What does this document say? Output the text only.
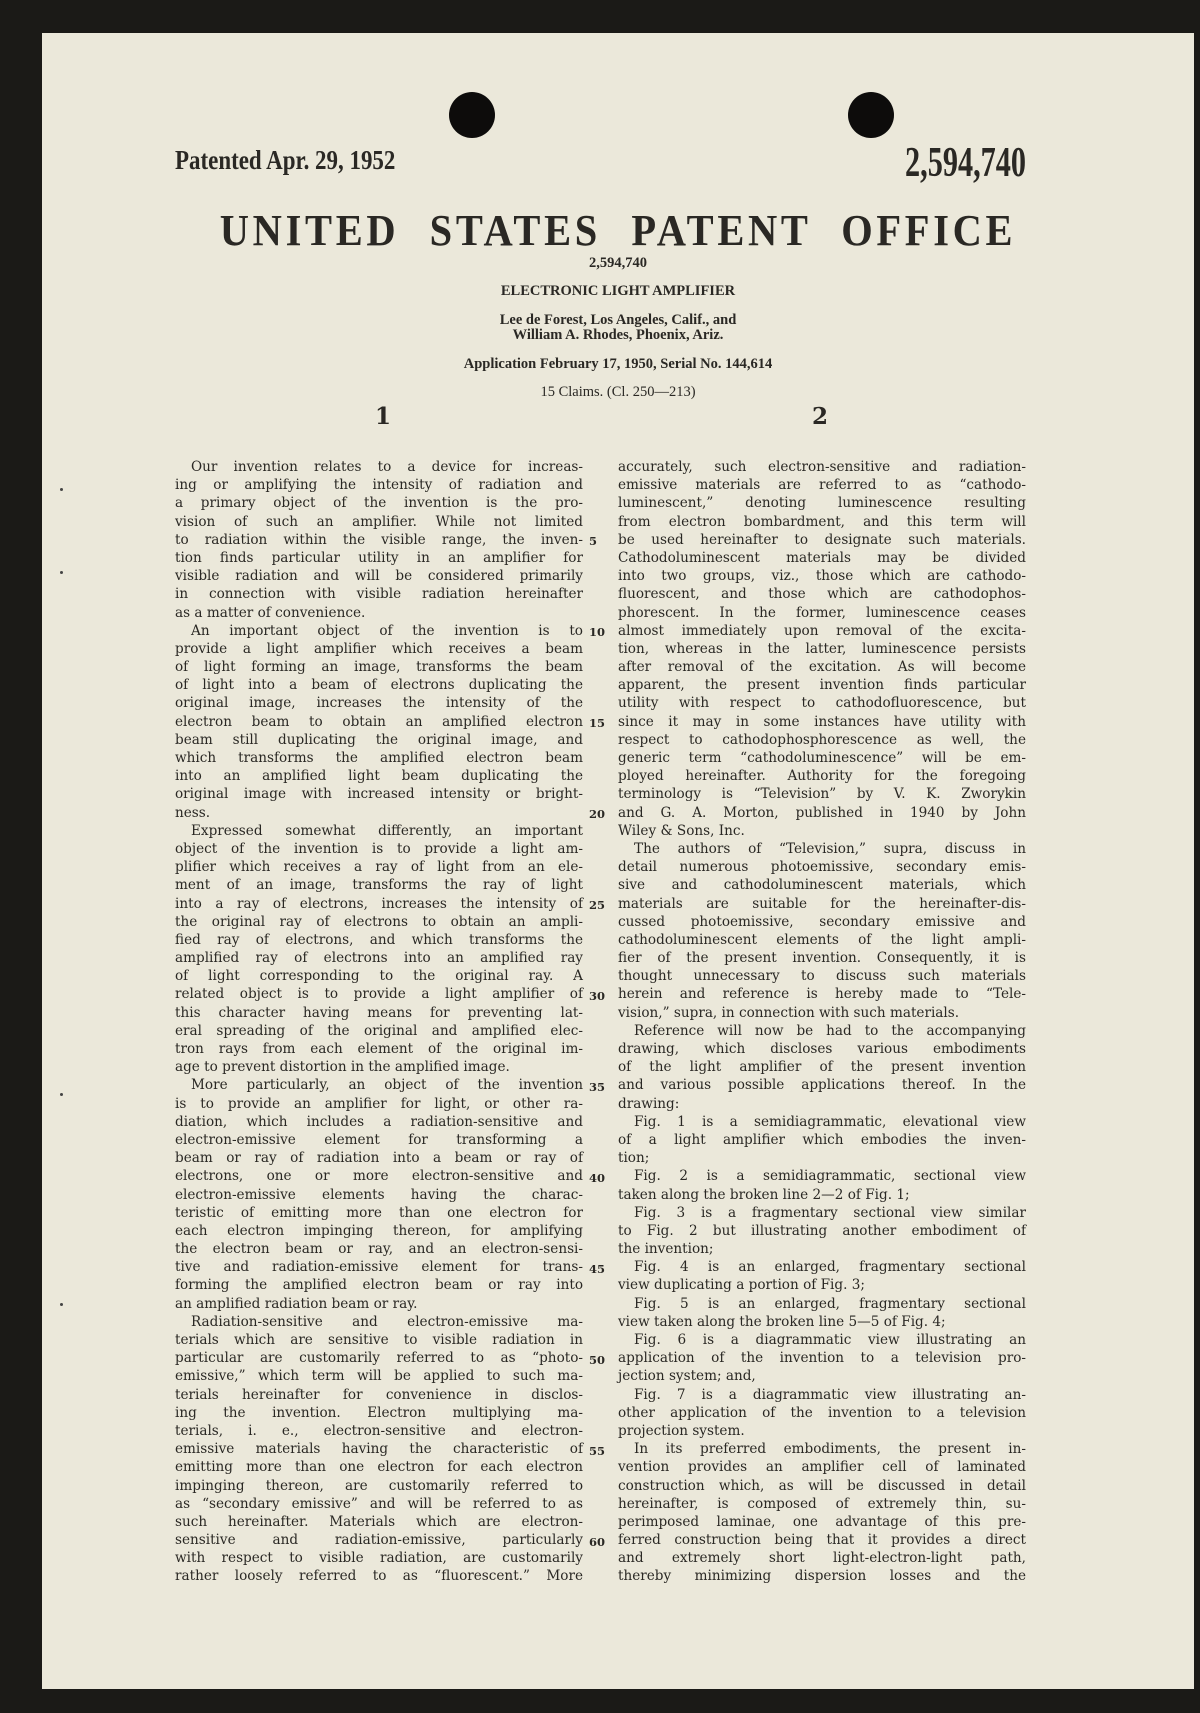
Patented Apr. 29, 1952	2,594,740
UNITED STATES PATENT OFFICE
2,594,740
ELECTRONIC LIGHT AMPLIFIER
Lee de Forest, Los Angeles, Calif., and
William A. Rhodes, Phoenix, Ariz.
Application February 17, 1950, Serial No. 144,614
15 Claims. (Cl. 250—213)
1	2
Our invention relates to a device for increas-
ing or amplifying the intensity of radiation and
a primary object of the invention is the pro-
vision of such an amplifier. While not limited
to radiation within the visible range, the inven-
tion finds particular utility in an amplifier for
visible radiation and will be considered primarily
in connection with visible radiation hereinafter
as a matter of convenience.
An important object of the invention is to
provide a light amplifier which receives a beam
of light forming an image, transforms the beam
of light into a beam of electrons duplicating the
original image, increases the intensity of the
electron beam to obtain an amplified electron
beam still duplicating the original image, and
which transforms the amplified electron beam
into an amplified light beam duplicating the
original image with increased intensity or bright-
ness.
Expressed somewhat differently, an important
object of the invention is to provide a light am-
plifier which receives a ray of light from an ele-
ment of an image, transforms the ray of light
into a ray of electrons, increases the intensity of
the original ray of electrons to obtain an ampli-
fied ray of electrons, and which transforms the
amplified ray of electrons into an amplified ray
of light corresponding to the original ray. A
related object is to provide a light amplifier of
this character having means for preventing lat-
eral spreading of the original and amplified elec-
tron rays from each element of the original im-
age to prevent distortion in the amplified image.
More particularly, an object of the invention
is to provide an amplifier for light, or other ra-
diation, which includes a radiation-sensitive and
electron-emissive element for transforming a
beam or ray of radiation into a beam or ray of
electrons, one or more electron-sensitive and
electron-emissive elements having the charac-
teristic of emitting more than one electron for
each electron impinging thereon, for amplifying
the electron beam or ray, and an electron-sensi-
tive and radiation-emissive element for trans-
forming the amplified electron beam or ray into
an amplified radiation beam or ray.
Radiation-sensitive and electron-emissive ma-
terials which are sensitive to visible radiation in
particular are customarily referred to as “photo-
emissive,” which term will be applied to such ma-
terials hereinafter for convenience in disclos-
ing the invention. Electron multiplying ma-
terials, i. e., electron-sensitive and electron-
emissive materials having the characteristic of
emitting more than one electron for each electron
impinging thereon, are customarily referred to
as “secondary emissive” and will be referred to as
such hereinafter. Materials which are electron-
sensitive and radiation-emissive, particularly
with respect to visible radiation, are customarily
rather loosely referred to as “fluorescent.” More
accurately, such electron-sensitive and radiation-
emissive materials are referred to as “cathodo-
luminescent,” denoting luminescence resulting
from electron bombardment, and this term will
be used hereinafter to designate such materials.
Cathodoluminescent materials may be divided
into two groups, viz., those which are cathodo-
fluorescent, and those which are cathodophos-
phorescent. In the former, luminescence ceases
almost immediately upon removal of the excita-
tion, whereas in the latter, luminescence persists
after removal of the excitation. As will become
apparent, the present invention finds particular
utility with respect to cathodofluorescence, but
since it may in some instances have utility with
respect to cathodophosphorescence as well, the
generic term “cathodoluminescence” will be em-
ployed hereinafter. Authority for the foregoing
terminology is “Television” by V. K. Zworykin
and G. A. Morton, published in 1940 by John
Wiley & Sons, Inc.
The authors of “Television,” supra, discuss in
detail numerous photoemissive, secondary emis-
sive and cathodoluminescent materials, which
materials are suitable for the hereinafter-dis-
cussed photoemissive, secondary emissive and
cathodoluminescent elements of the light ampli-
fier of the present invention. Consequently, it is
thought unnecessary to discuss such materials
herein and reference is hereby made to “Tele-
vision,” supra, in connection with such materials.
Reference will now be had to the accompanying
drawing, which discloses various embodiments
of the light amplifier of the present invention
and various possible applications thereof. In the
drawing:
Fig. 1 is a semidiagrammatic, elevational view
of a light amplifier which embodies the inven-
tion;
Fig. 2 is a semidiagrammatic, sectional view
taken along the broken line 2—2 of Fig. 1;
Fig. 3 is a fragmentary sectional view similar
to Fig. 2 but illustrating another embodiment of
the invention;
Fig. 4 is an enlarged, fragmentary sectional
view duplicating a portion of Fig. 3;
Fig. 5 is an enlarged, fragmentary sectional
view taken along the broken line 5—5 of Fig. 4;
Fig. 6 is a diagrammatic view illustrating an
application of the invention to a television pro-
jection system; and,
Fig. 7 is a diagrammatic view illustrating an-
other application of the invention to a television
projection system.
In its preferred embodiments, the present in-
vention provides an amplifier cell of laminated
construction which, as will be discussed in detail
hereinafter, is composed of extremely thin, su-
perimposed laminae, one advantage of this pre-
ferred construction being that it provides a direct
and extremely short light-electron-light path,
thereby minimizing dispersion losses and the
5
10
15
20
25
30
35
40
45
50
55
60
